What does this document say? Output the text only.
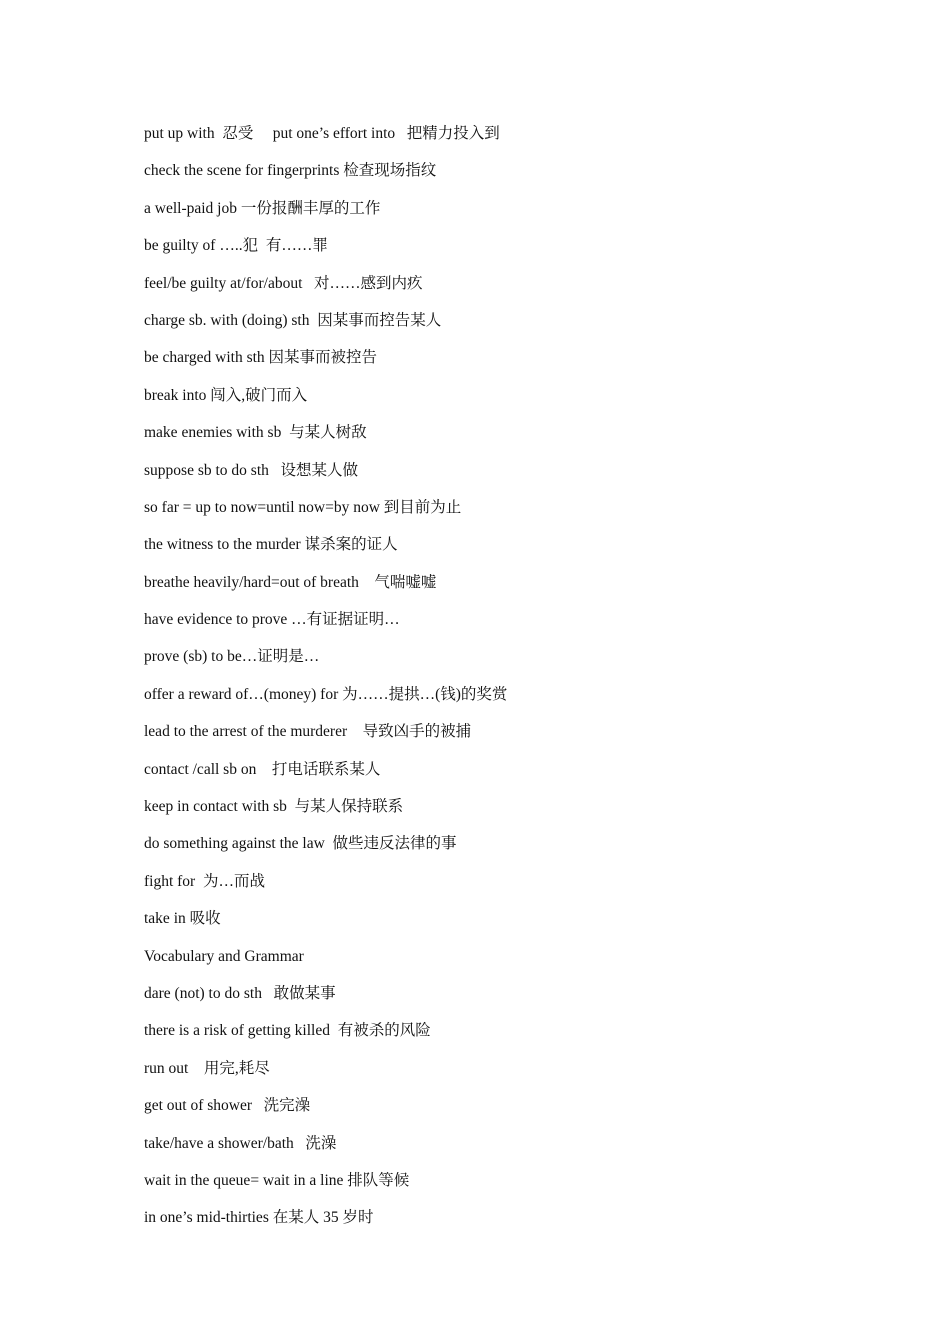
put up with  忍受     put one’s effort into   把精力投入到
check the scene for fingerprints 检查现场指纹
a well-paid job 一份报酬丰厚的工作
be guilty of …..犯  有……罪
feel/be guilty at/for/about   对……感到内疚
charge sb. with (doing) sth  因某事而控告某人
be charged with sth 因某事而被控告
break into 闯入,破门而入
make enemies with sb  与某人树敌
suppose sb to do sth   设想某人做
so far = up to now=until now=by now 到目前为止
the witness to the murder 谋杀案的证人
breathe heavily/hard=out of breath    气喘嘘嘘
have evidence to prove …有证据证明…
prove (sb) to be…证明是…
offer a reward of…(money) for 为……提拱…(钱)的奖赏
lead to the arrest of the murderer    导致凶手的被捕
contact /call sb on    打电话联系某人
keep in contact with sb  与某人保持联系
do something against the law  做些违反法律的事
fight for  为…而战
take in 吸收
Vocabulary and Grammar
dare (not) to do sth   敢做某事
there is a risk of getting killed  有被杀的风险
run out    用完,耗尽
get out of shower   洗完澡
take/have a shower/bath   洗澡
wait in the queue= wait in a line 排队等候
in one’s mid-thirties 在某人 35 岁时
